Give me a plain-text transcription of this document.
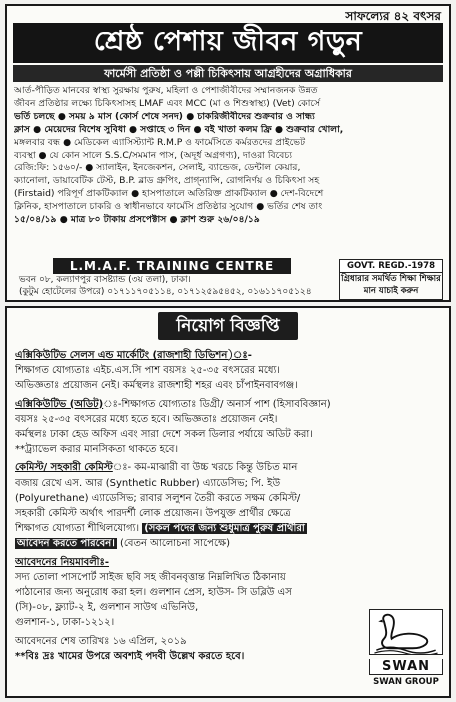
সাফল্যের ৪২ বৎসর
শ্রেষ্ঠ পেশায় জীবন গড়ুন
ফার্মেসী প্রতিষ্ঠা ও পল্লী চিকিৎসায় আগ্রহীদের অগ্রাধিকার

আর্ত-পীড়িত মানবের স্বাস্থ্য সুরক্ষায় পুরুষ, মহিলা ও পেশাজীবীদের সম্মানজনক উন্নত

জীবন প্রতিষ্ঠার লক্ষ্যে চিকিৎসাসহ LMAF এবং MCC (মা ও শিশুস্বাস্থ্য) (Vet) কোর্সে

ভর্তি চলছে ● সময় ৯ মাস (কোর্স শেষে সনদ) ● চাকরিজীবীদের শুক্রবার ও সান্ধ্য

ক্লাস ● মেয়েদের বিশেষ সুবিধা ● সপ্তাহে ৩ দিন ● বই খাতা কলম ফ্রি ● শুক্রবার খোলা,

মঙ্গলবার বন্ধ ● মেডিকেল এ্যাসিস্ট্যান্ট R.M.P ও ফার্মেসিতে কর্মরতদের প্রাইভেট

ব্যবস্থা ● যে কোন সালে S.S.C/সমমান পাস, (অদূর্ধ অগ্রগণ্য), দাওরা বিবেচ্য

রেজি:ফি: ১৫৬০/- ● স্যালাইন, ইনজেকশন, সেলাই, ব্যান্ডেজ, ডেন্টাল কেয়ার,

ক্যানোলা, ডায়াবেটিক টেস্ট, B.P. ব্লাড গ্রুপিং, প্রাগ্‌ন্যান্সি, রোগনির্ণয় ও চিকিৎসা সহ

(Firstaid) পরিপূর্ণ প্রাকটিক্যাল ● হাসপাতালে অতিরিক্ত প্রাকটিক্যাল ● দেশ-বিদেশে

ক্লিনিক, হাসপাতালে চাকরি ও স্বাধীনভাবে ফার্মেসি প্রতিষ্ঠার সুযোগ ● ভর্তির শেষ তাং

১৫/০৪/১৯ ● মাত্র ৮০ টাকায় প্রসপেক্টাস ● ক্লাশ শুরু ২৬/০৪/১৯

L.M.A.F. TRAINING CENTRE
ভবন ০৮, কল্যাণপুর বাসষ্ট্যান্ড (৩য় তলা), ঢাকা।
(কুটুম হোটেলের উপরে) ০১৭১১৭০৫১১৪, ০১৭১২৫৯৫৪৫২, ০১৬১১৭০৫১২৪
GOVT. REGD.-1978
গ্রিধারার সমর্থিত শিক্ষা শিক্ষার মান যাচাই করুন
নিয়োগ বিজ্ঞপ্তি

এক্সিকিউটিভ সেলস এন্ড মার্কেটিং (রাজশাহী ডিভিশন)ঃ-

শিক্ষাগত যোগ্যতাঃ এইচ.এস.সি পাশ বয়সঃ ২৫-৩৫ বৎসরের মধ্যে।

অভিজ্ঞতাঃ প্রয়োজন নেই। কর্মস্থলঃ রাজশাহী শহর এবং চাঁপাইনবাবগঞ্জ।

এক্সিকিউটিভ (অডিট)ঃ-শিক্ষাগত যোগ্যতাঃ ডিগ্রী/ অনার্স পাশ (হিসাববিজ্ঞান)

বয়সঃ ২৫-৩৫ বৎসরের মধ্যে হতে হবে। অভিজ্ঞতাঃ প্রয়োজন নেই।

কর্মস্থলঃ ঢাকা হেড অফিস এবং সারা দেশে সকল ডিলার পর্যায়ে অডিট করা।

**ট্র্যাভেল করার মানসিকতা থাকতে হবে।

কেমিস্ট/ সহকারী কেমিস্টঃ- কম-মাঝারী বা উচ্চ খরচে কিন্তু উচিত মান

বজায় রেখে এস. আর (Synthetic Rubber) এ্যাডেসিভ; পি. ইউ

(Polyurethane) এ্যাডেসিভ; রাবার সলুশন তৈরী করতে সক্ষম কেমিস্ট/

সহকারী কেমিস্ট অর্থাৎ পারদর্শী লোক প্রয়োজন। উপযুক্ত প্রার্থীর ক্ষেত্রে

শিক্ষাগত যোগ্যতা শীথিলযোগ্য। (সকল পদের জন্য শুধুমাত্র পুরুষ প্রার্থীরা

আবেদন করতে পারবেন। (বেতন আলোচনা সাপেক্ষে)

আবেদনের নিয়মাবলীঃ-

সদ্য তোলা পাসপোর্ট সাইজ ছবি সহ জীবনবৃত্তান্ত নিম্নলিখিত ঠিকানায়

পাঠানোর জন্য অনুরোধ করা হল। গুলশান প্রেস, হাউস- সি ডব্লিউ এস

(সি)-০৮, ফ্ল্যাট-২ ই, গুলশান সাউথ এভিনিউ,

গুলশান-১, ঢাকা-১২১২।

আবেদনের শেষ তারিখঃ ১৬ এপ্রিল, ২০১৯

**বিঃ দ্রঃ খামের উপরে অবশ্যই পদবী উল্লেখ করতে হবে।

SWAN
SWAN GROUP
